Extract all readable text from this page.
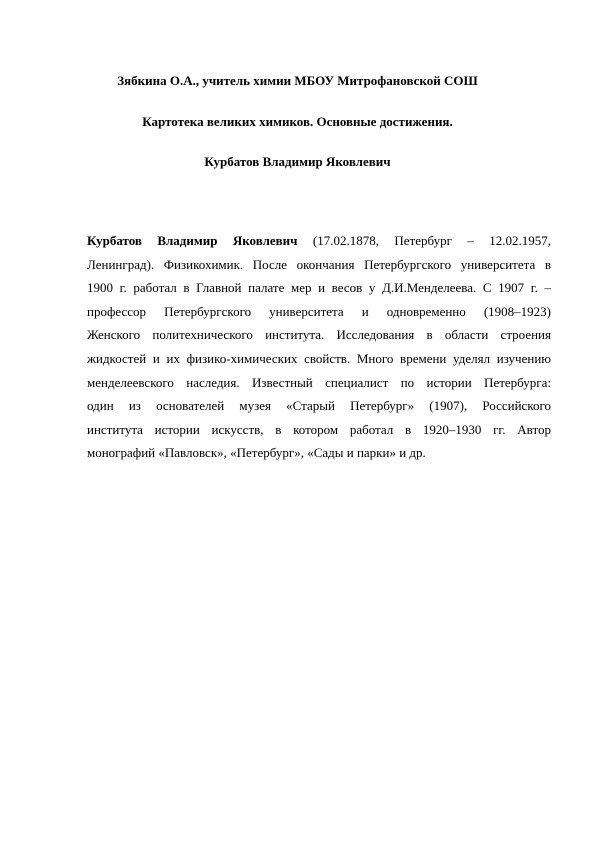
Зябкина О.А., учитель химии МБОУ Митрофановской СОШ
Картотека великих химиков. Основные достижения.
Курбатов Владимир Яковлевич
Курбатов Владимир Яковлевич (17.02.1878, Петербург – 12.02.1957,
Ленинград). Физикохимик. После окончания Петербургского университета в
1900 г. работал в Главной палате мер и весов у Д.И.Менделеева. С 1907 г. –
профессор Петербургского университета и одновременно (1908–1923)
Женского политехнического института. Исследования в области строения
жидкостей и их физико-химических свойств. Много времени уделял изучению
менделеевского наследия. Известный специалист по истории Петербурга:
один из основателей музея «Старый Петербург» (1907), Российского
института истории искусств, в котором работал в 1920–1930 гг. Автор
монографий «Павловск», «Петербург», «Сады и парки» и др.
